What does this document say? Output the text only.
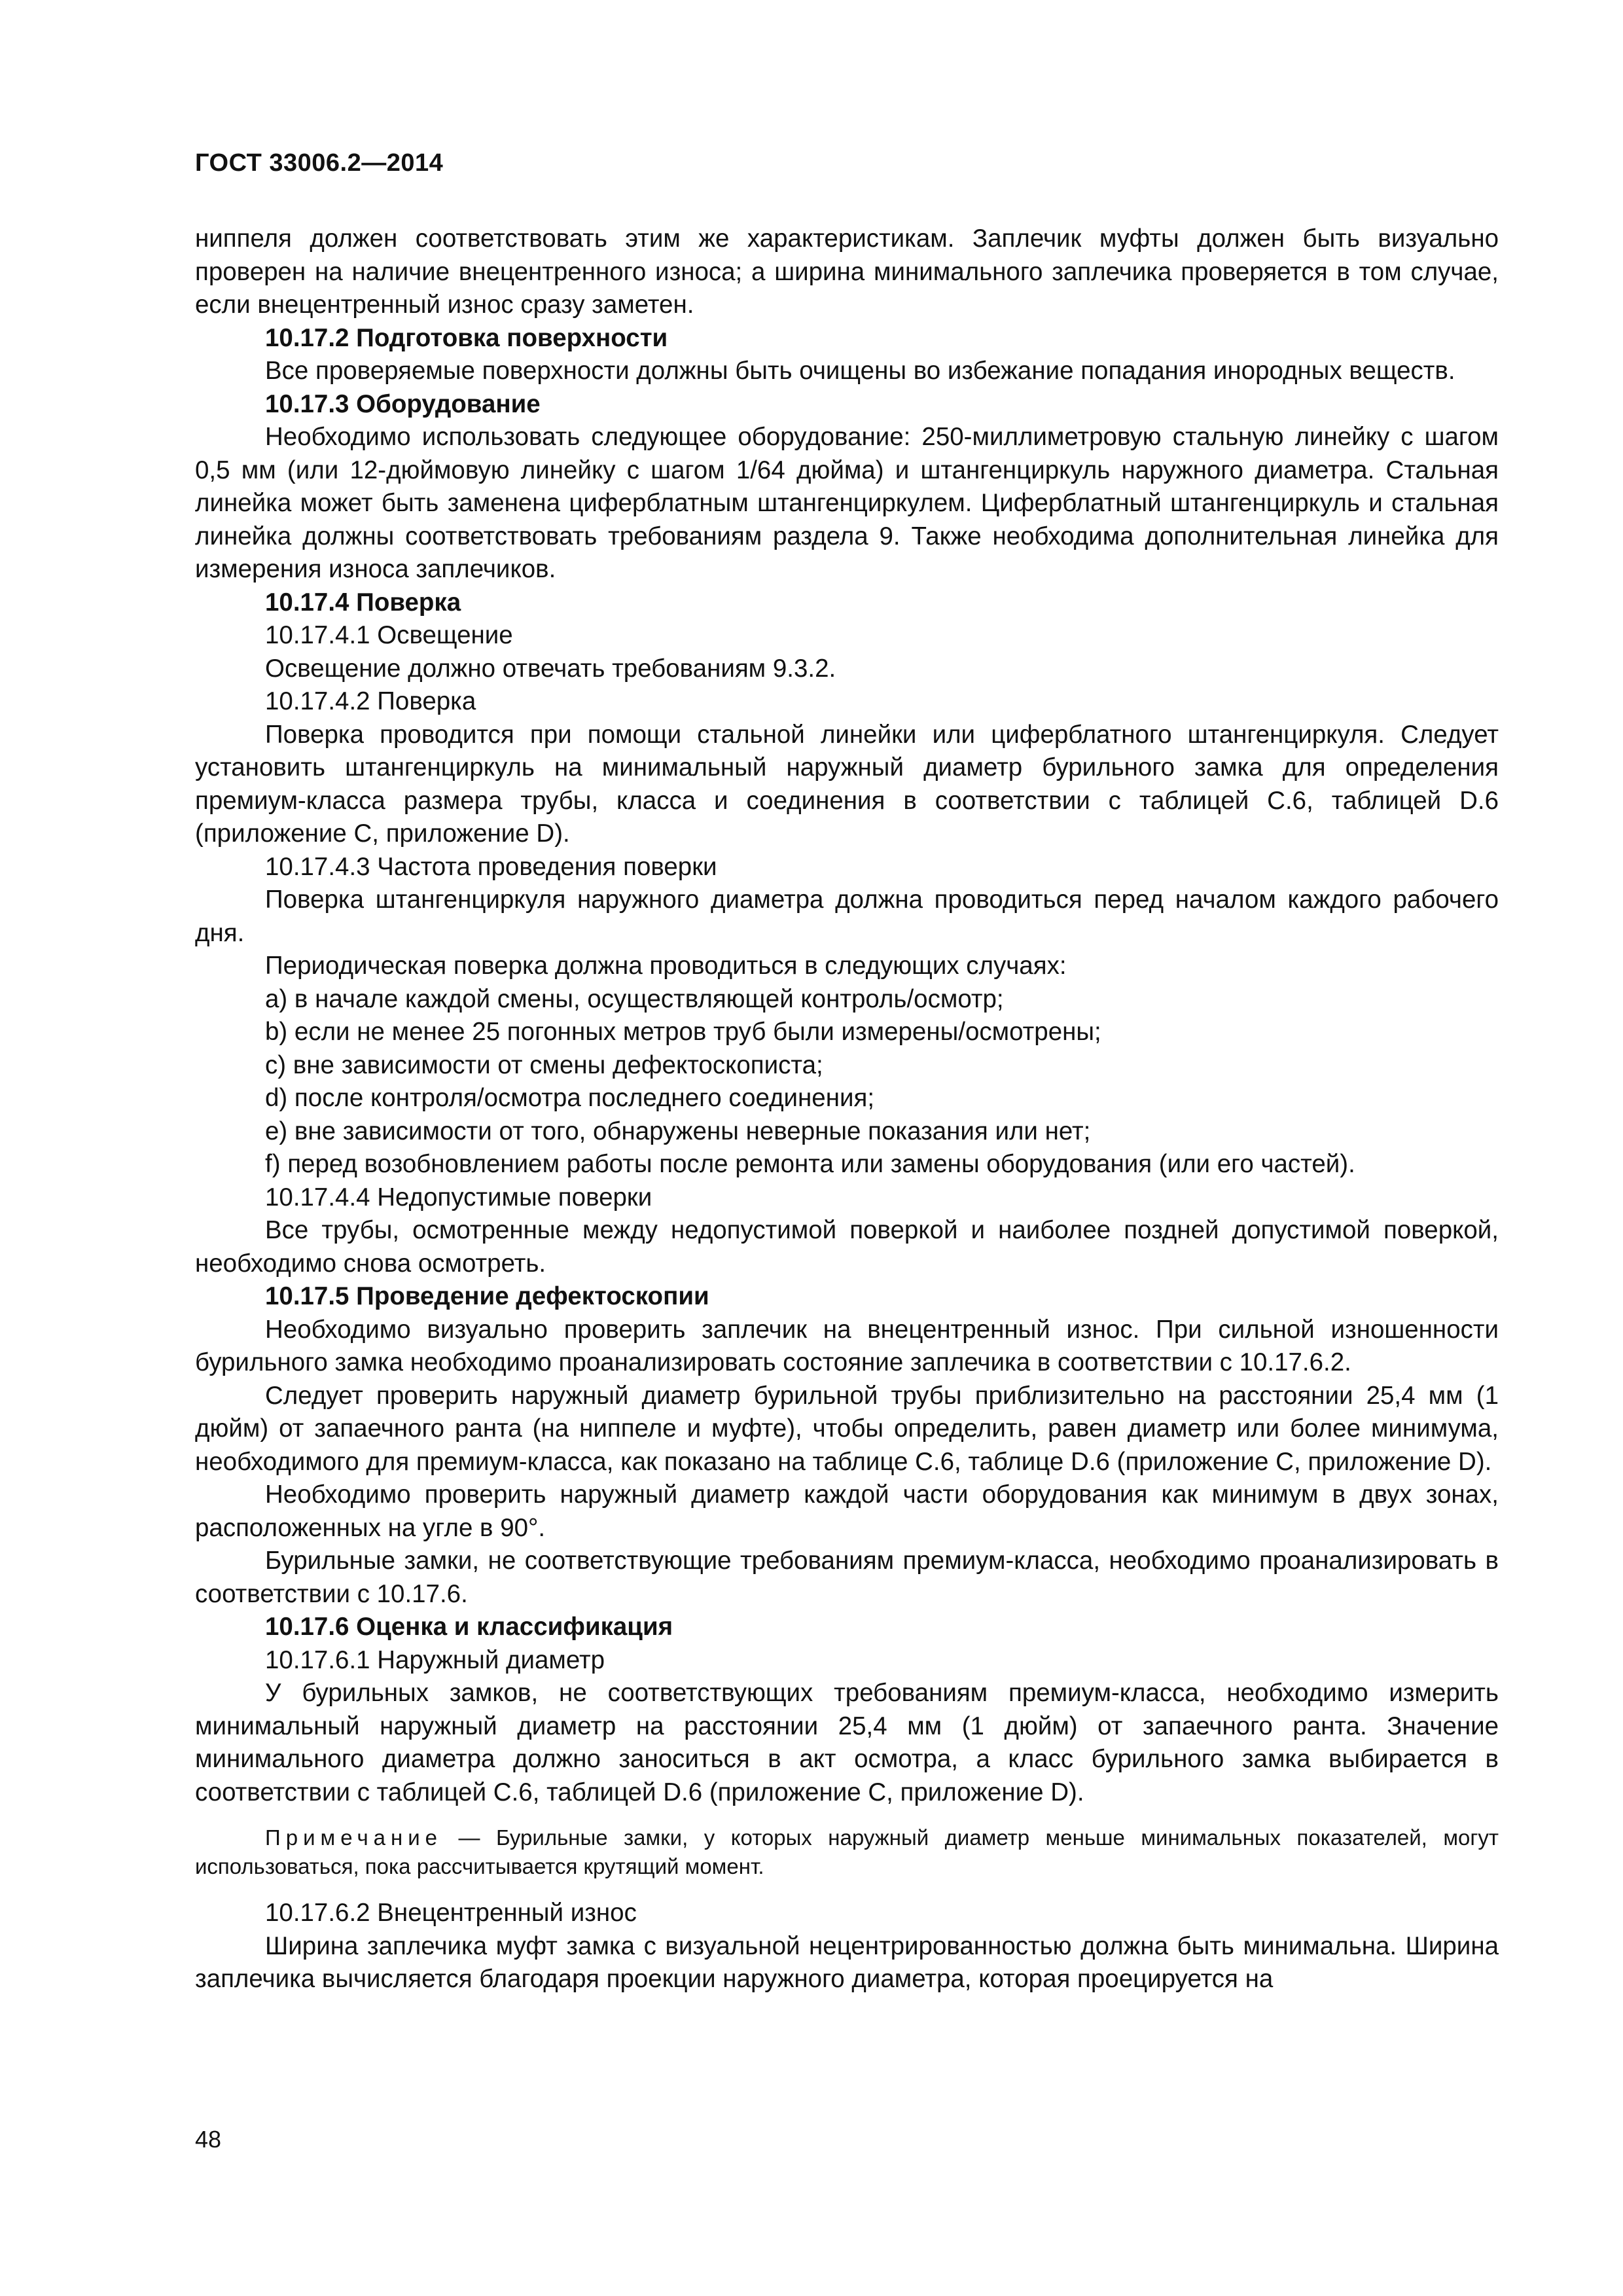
ГОСТ 33006.2—2014

ниппеля должен соответствовать этим же характеристикам. Заплечик муфты должен быть визуально проверен на наличие внецентренного износа; а ширина минимального заплечика проверяется в том случае, если внецентренный износ сразу заметен.

10.17.2 Подготовка поверхности

Все проверяемые поверхности должны быть очищены во избежание попадания инородных веществ.

10.17.3 Оборудование

Необходимо использовать следующее оборудование: 250-миллиметровую стальную линейку с шагом 0,5 мм (или 12-дюймовую линейку с шагом 1/64 дюйма) и штангенциркуль наружного диаметра. Стальная линейка может быть заменена циферблатным штангенциркулем. Циферблатный штангенциркуль и стальная линейка должны соответствовать требованиям раздела 9. Также необходима дополнительная линейка для измерения износа заплечиков.

10.17.4 Поверка

10.17.4.1 Освещение

Освещение должно отвечать требованиям 9.3.2.

10.17.4.2 Поверка

Поверка проводится при помощи стальной линейки или циферблатного штангенциркуля. Следует установить штангенциркуль на минимальный наружный диаметр бурильного замка для определения премиум-класса размера трубы, класса и соединения в соответствии с таблицей С.6, таблицей D.6 (приложение С, приложение D).

10.17.4.3 Частота проведения поверки

Поверка штангенциркуля наружного диаметра должна проводиться перед началом каждого рабочего дня.

Периодическая поверка должна проводиться в следующих случаях:

a) в начале каждой смены, осуществляющей контроль/осмотр;

b) если не менее 25 погонных метров труб были измерены/осмотрены;

c) вне зависимости от смены дефектоскописта;

d) после контроля/осмотра последнего соединения;

e) вне зависимости от того, обнаружены неверные показания или нет;

f) перед возобновлением работы после ремонта или замены оборудования (или его частей).

10.17.4.4 Недопустимые поверки

Все трубы, осмотренные между недопустимой поверкой и наиболее поздней допустимой поверкой, необходимо снова осмотреть.

10.17.5 Проведение дефектоскопии

Необходимо визуально проверить заплечик на внецентренный износ. При сильной изношенности бурильного замка необходимо проанализировать состояние заплечика в соответствии с 10.17.6.2.

Следует проверить наружный диаметр бурильной трубы приблизительно на расстоянии 25,4 мм (1 дюйм) от запаечного ранта (на ниппеле и муфте), чтобы определить, равен диаметр или более минимума, необходимого для премиум-класса, как показано на таблице С.6, таблице D.6 (приложение С, приложение D).

Необходимо проверить наружный диаметр каждой части оборудования как минимум в двух зонах, расположенных на угле в 90°.

Бурильные замки, не соответствующие требованиям премиум-класса, необходимо проанализировать в соответствии с 10.17.6.

10.17.6 Оценка и классификация

10.17.6.1 Наружный диаметр

У бурильных замков, не соответствующих требованиям премиум-класса, необходимо измерить минимальный наружный диаметр на расстоянии 25,4 мм (1 дюйм) от запаечного ранта. Значение минимального диаметра должно заноситься в акт осмотра, а класс бурильного замка выбирается в соответствии с таблицей С.6, таблицей D.6 (приложение С, приложение D).

Примечание — Бурильные замки, у которых наружный диаметр меньше минимальных показателей, могут использоваться, пока рассчитывается крутящий момент.

10.17.6.2 Внецентренный износ

Ширина заплечика муфт замка с визуальной нецентрированностью должна быть минимальна. Ширина заплечика вычисляется благодаря проекции наружного диаметра, которая проецируется на

48
